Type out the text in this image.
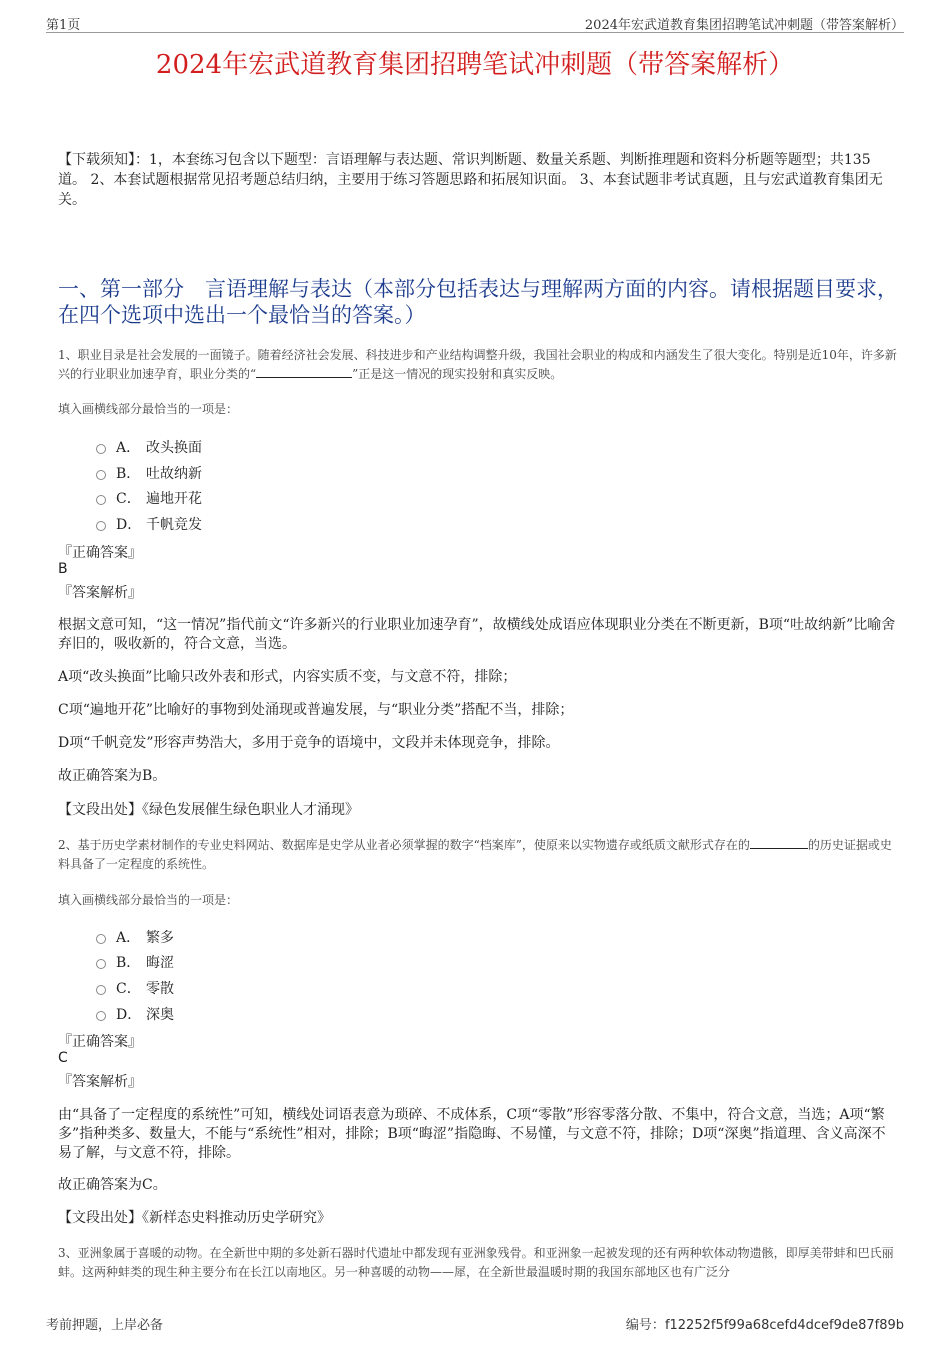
第1页	2024年宏武道教育集团招聘笔试冲刺题（带答案解析）
2024年宏武道教育集团招聘笔试冲刺题（带答案解析）
【下载须知】：1，本套练习包含以下题型：言语理解与表达题、常识判断题、数量关系题、判断推理题和资料分析题等题型；共135道。 2、本套试题根据常见招考题总结归纳，主要用于练习答题思路和拓展知识面。 3、本套试题非考试真题，且与宏武道教育集团无关。
一、第一部分　言语理解与表达（本部分包括表达与理解两方面的内容。请根据题目要求，在四个选项中选出一个最恰当的答案。）
1、职业目录是社会发展的一面镜子。随着经济社会发展、科技进步和产业结构调整升级，我国社会职业的构成和内涵发生了很大变化。特别是近10年，许多新兴的行业职业加速孕育，职业分类的“	”正是这一情况的现实投射和真实反映。
填入画横线部分最恰当的一项是：
A． 改头换面
B． 吐故纳新
C． 遍地开花
D． 千帆竞发
『正确答案』
B
『答案解析』
根据文意可知，“这一情况”指代前文“许多新兴的行业职业加速孕育”，故横线处成语应体现职业分类在不断更新，B项“吐故纳新”比喻舍弃旧的，吸收新的，符合文意，当选。
A项“改头换面”比喻只改外表和形式，内容实质不变，与文意不符，排除；
C项“遍地开花”比喻好的事物到处涌现或普遍发展，与“职业分类”搭配不当，排除；
D项“千帆竞发”形容声势浩大，多用于竞争的语境中，文段并未体现竞争，排除。
故正确答案为B。
【文段出处】《绿色发展催生绿色职业人才涌现》
2、基于历史学素材制作的专业史料网站、数据库是史学从业者必须掌握的数字“档案库”，使原来以实物遗存或纸质文献形式存在的	的历史证据或史料具备了一定程度的系统性。
填入画横线部分最恰当的一项是：
A． 繁多
B． 晦涩
C． 零散
D． 深奥
『正确答案』
C
『答案解析』
由“具备了一定程度的系统性”可知，横线处词语表意为琐碎、不成体系，C项“零散”形容零落分散、不集中，符合文意，当选；A项“繁多”指种类多、数量大，不能与“系统性”相对，排除；B项“晦涩”指隐晦、不易懂，与文意不符，排除；D项“深奥”指道理、含义高深不易了解，与文意不符，排除。
故正确答案为C。
【文段出处】《新样态史料推动历史学研究》
3、亚洲象属于喜暖的动物。在全新世中期的多处新石器时代遗址中都发现有亚洲象残骨。和亚洲象一起被发现的还有两种软体动物遗骸，即厚美带蚌和巴氏丽蚌。这两种蚌类的现生种主要分布在长江以南地区。另一种喜暖的动物——犀，在全新世最温暖时期的我国东部地区也有广泛分
考前押题，上岸必备	编号：f12252f5f99a68cefd4dcef9de87f89b
